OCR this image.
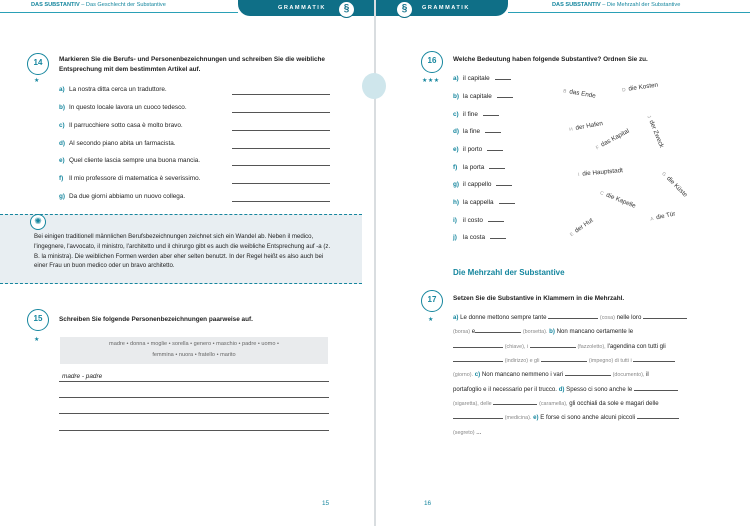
DAS SUBSTANTIV – Das Geschlecht der Substantive	GRAMMATIK	§
14
★
Markieren Sie die Berufs- und Personenbezeichnungen und schreiben Sie die weibliche Entsprechung mit dem bestimmten Artikel auf.
a) La nostra ditta cerca un traduttore.
b) In questo locale lavora un cuoco tedesco.
c) Il parrucchiere sotto casa è molto bravo.
d) Al secondo piano abita un farmacista.
e) Quel cliente lascia sempre una buona mancia.
f) Il mio professore di matematica è severissimo.
g) Da due giorni abbiamo un nuovo collega.
✺
Bei einigen traditionell männlichen Berufsbezeichnungen zeichnet sich ein Wandel ab. Neben il medico, l'ingegnere, l'avvocato, il ministro, l'architetto und il chirurgo gibt es auch die weibliche Entsprechung auf -a (z. B. la ministra). Die weiblichen Formen werden aber eher selten benutzt. In der Regel heißt es also auch bei einer Frau un buon medico oder un bravo architetto.
15
★
Schreiben Sie folgende Personenbezeichnungen paarweise auf.
madre • donna • moglie • sorella • genero • maschio • padre • uomo •
femmina • nuora • fratello • marito
madre - padre
15
GRAMMATIK
§	DAS SUBSTANTIV – Die Mehrzahl der Substantive
16
16
★★★
Welche Bedeutung haben folgende Substantive? Ordnen Sie zu.
a) il capitale
b) la capitale
c) il fine
d) la fine
e) il porto
f) la porta
g) il cappello
h) la cappella
i) il costo
j) la costa
B das Ende	D die Kosten
H der Hafen
Fdas Kapital
Jder Zweck
I die Hauptstadt	Gdie Küste
Cdie Kapelle
Eder Hut	Adie Tür
Die Mehrzahl der Substantive
17
★
Setzen Sie die Substantive in Klammern in die Mehrzahl.
a) Le donne mettono sempre tante	(cosa) nelle loro
(borsa) e	(borsetta). b) Non mancano certamente le
(chiave), i	(fazzoletto), l'agendina con tutti gli
(indirizzo) e gli	(impegno) di tutti i
(giorno). c) Non mancano nemmeno i vari	(documento), il
portafoglio e il necessario per il trucco. d) Spesso ci sono anche le
(sigaretta), delle	(caramella), gli occhiali da sole e magari delle
(medicina). e) E forse ci sono anche alcuni piccoli
(segreto) ...
